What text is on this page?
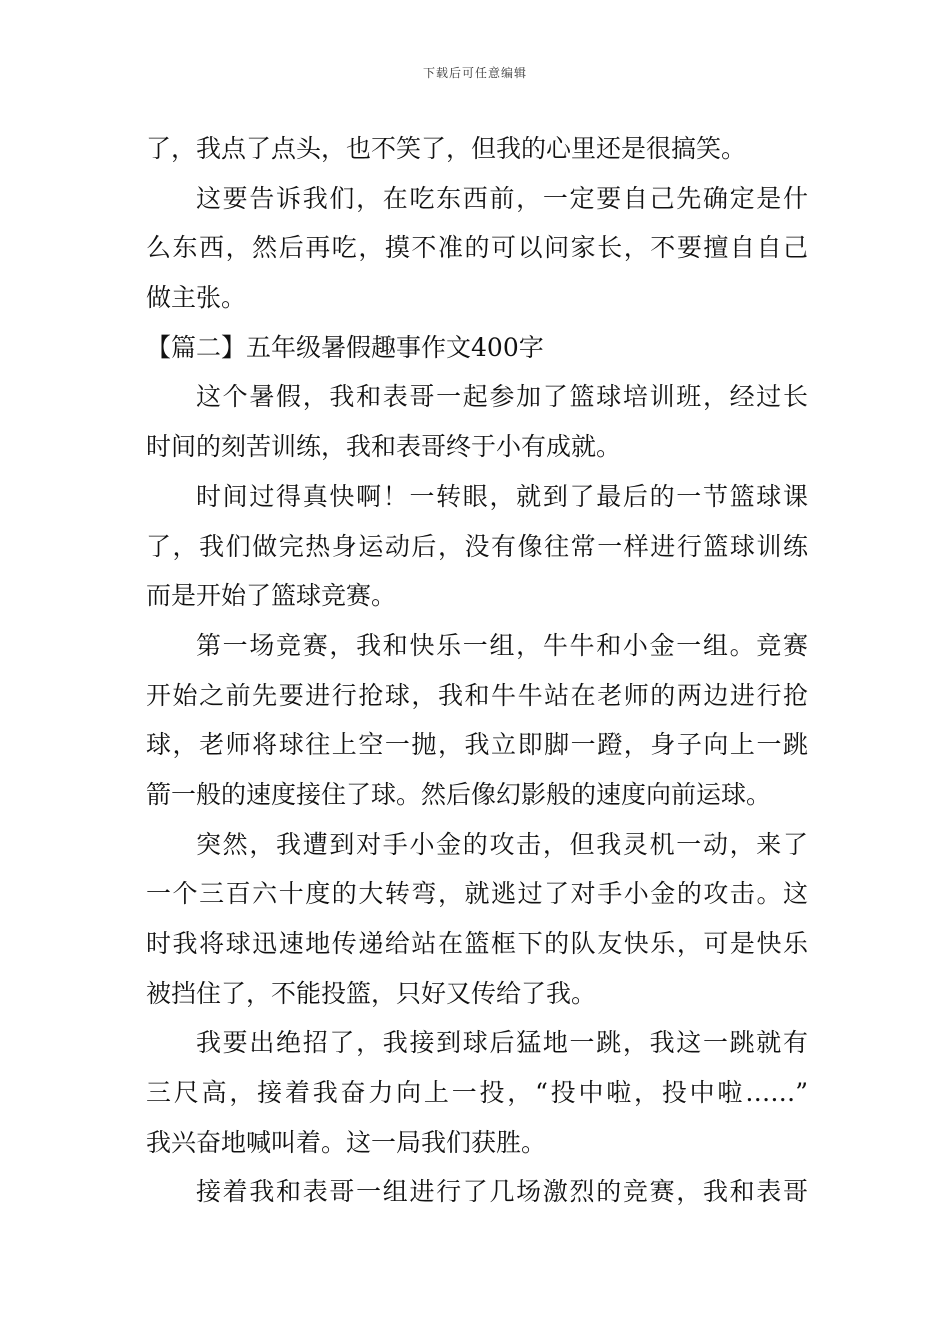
下载后可任意编辑
了，我点了点头，也不笑了，但我的心里还是很搞笑。
这要告诉我们，在吃东西前，一定要自己先确定是什
么东西，然后再吃，摸不准的可以问家长，不要擅自自己
做主张。
【篇二】五年级暑假趣事作文400字
这个暑假，我和表哥一起参加了篮球培训班，经过长
时间的刻苦训练，我和表哥终于小有成就。
时间过得真快啊！一转眼，就到了最后的一节篮球课
了，我们做完热身运动后，没有像往常一样进行篮球训练
而是开始了篮球竞赛。
第一场竞赛，我和快乐一组，牛牛和小金一组。竞赛
开始之前先要进行抢球，我和牛牛站在老师的两边进行抢
球，老师将球往上空一抛，我立即脚一蹬，身子向上一跳
箭一般的速度接住了球。然后像幻影般的速度向前运球。
突然，我遭到对手小金的攻击，但我灵机一动，来了
一个三百六十度的大转弯，就逃过了对手小金的攻击。这
时我将球迅速地传递给站在篮框下的队友快乐，可是快乐
被挡住了，不能投篮，只好又传给了我。
我要出绝招了，我接到球后猛地一跳，我这一跳就有
三尺高，接着我奋力向上一投，“投中啦，投中啦……”
我兴奋地喊叫着。这一局我们获胜。
接着我和表哥一组进行了几场激烈的竞赛，我和表哥
